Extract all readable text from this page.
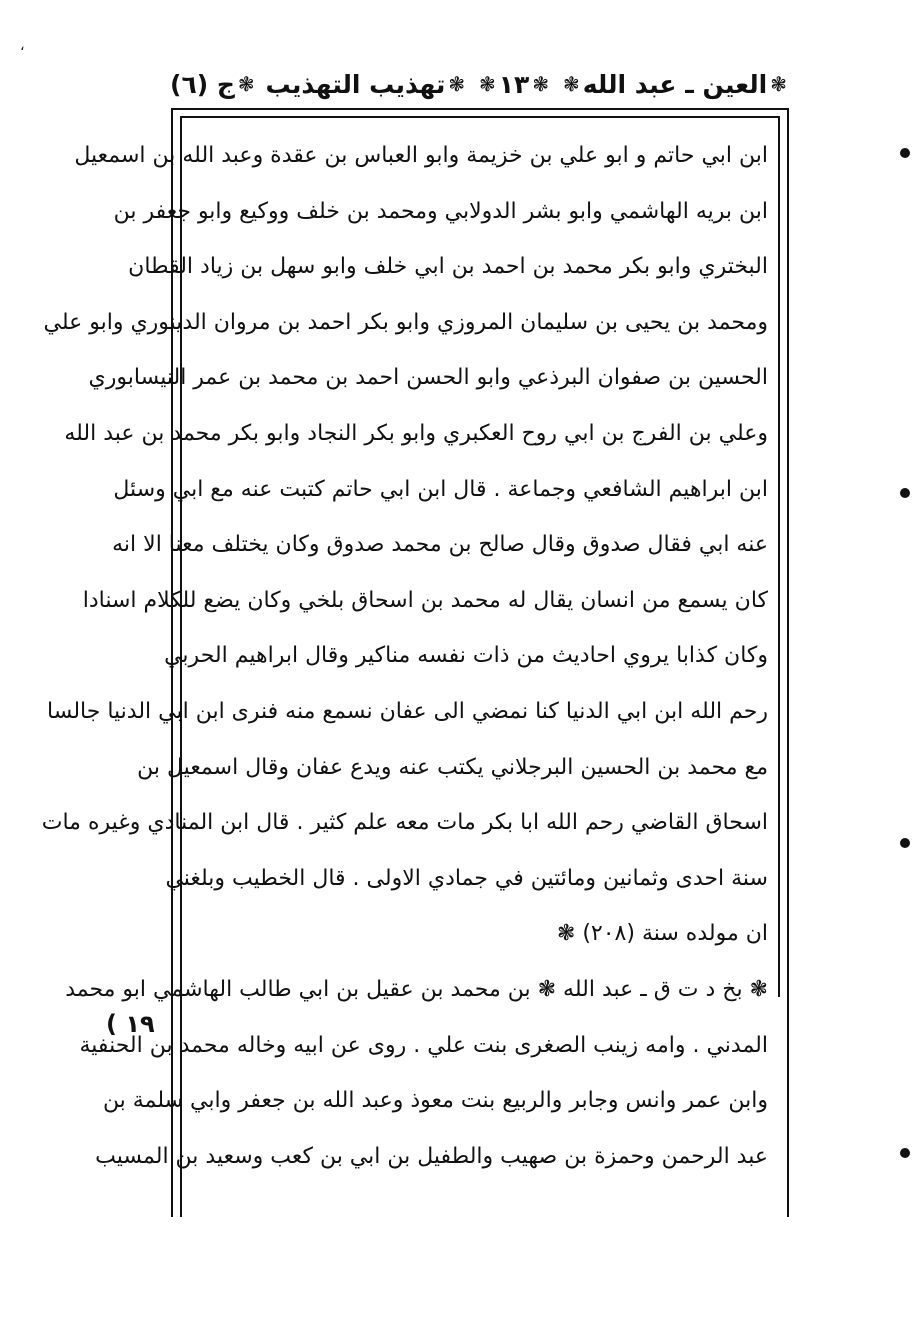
،
❃
العين ـ عبد الله
❃
❃
١٣
❃
❃
تهذيب التهذيب
❃
ج (٦)
( ١٩
ابن ابي حاتم و ابو علي بن خزيمة وابو العباس بن عقدة وعبد الله بن اسمعيل
ابن بريه الهاشمي وابو بشر الدولابي ومحمد بن خلف ووكيع وابو جعفر بن
البختري وابو بكر محمد بن احمد بن ابي خلف وابو سهل بن زياد القطان
ومحمد بن يحيى بن سليمان المروزي وابو بكر احمد بن مروان الدينوري وابو علي
الحسين بن صفوان البرذعي وابو الحسن احمد بن محمد بن عمر النيسابوري
وعلي بن الفرج بن ابي روح العكبري وابو بكر النجاد وابو بكر محمد بن عبد الله
ابن ابراهيم الشافعي وجماعة . قال ابن ابي حاتم كتبت عنه مع ابي وسئل
عنه ابي فقال صدوق وقال صالح بن محمد صدوق وكان يختلف معنا الا انه
كان يسمع من انسان يقال له محمد بن اسحاق بلخي وكان يضع للكلام اسنادا
وكان كذابا يروي احاديث من ذات نفسه مناكير وقال ابراهيم الحربي
رحم الله ابن ابي الدنيا كنا نمضي الى عفان نسمع منه فنرى ابن ابي الدنيا جالسا
مع محمد بن الحسين البرجلاني يكتب عنه ويدع عفان وقال اسمعيل بن
اسحاق القاضي رحم الله ابا بكر مات معه علم كثير . قال ابن المنادي وغيره مات
سنة احدى وثمانين ومائتين في جمادي الاولى . قال الخطيب وبلغني
ان مولده سنة (٢٠٨) ❃
❃ بخ د ت ق ـ عبد الله ❃ بن محمد بن عقيل بن ابي طالب الهاشمي ابو محمد
المدني . وامه زينب الصغرى بنت علي . روى عن ابيه وخاله محمد بن الحنفية
وابن عمر وانس وجابر والربيع بنت معوذ وعبد الله بن جعفر وابي سلمة بن
عبد الرحمن وحمزة بن صهيب والطفيل بن ابي بن كعب وسعيد بن المسيب
